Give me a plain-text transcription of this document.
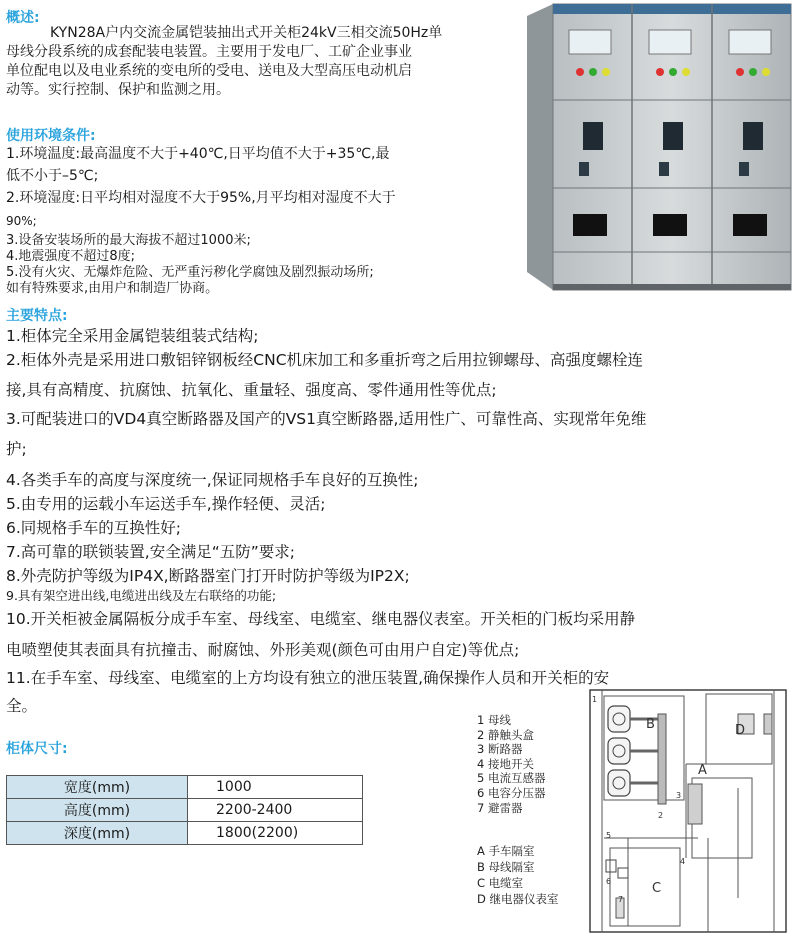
概述:
KYN28A户内交流金属铠装抽出式开关柜24kV三相交流50Hz单
母线分段系统的成套配装电装置。主要用于发电厂、工矿企业事业
单位配电以及电业系统的变电所的受电、送电及大型高压电动机启
动等。实行控制、保护和监测之用。
使用环境条件:
1.环境温度:最高温度不大于+40℃,日平均值不大于+35℃,最
低不小于–5℃;
2.环境湿度:日平均相对湿度不大于95%,月平均相对湿度不大于
90%;
3.设备安装场所的最大海拔不超过1000米;
4.地震强度不超过8度;
5.没有火灾、无爆炸危险、无严重污秽化学腐蚀及剧烈振动场所;
如有特殊要求,由用户和制造厂协商。
主要特点:
1.柜体完全采用金属铠装组装式结构;
2.柜体外壳是采用进口敷铝锌钢板经CNC机床加工和多重折弯之后用拉铆螺母、高强度螺栓连
接,具有高精度、抗腐蚀、抗氧化、重量轻、强度高、零件通用性等优点;
3.可配装进口的VD4真空断路器及国产的VS1真空断路器,适用性广、可靠性高、实现常年免维
护;
4.各类手车的高度与深度统一,保证同规格手车良好的互换性;
5.由专用的运载小车运送手车,操作轻便、灵活;
6.同规格手车的互换性好;
7.高可靠的联锁装置,安全满足“五防”要求;
8.外壳防护等级为IP4X,断路器室门打开时防护等级为IP2X;
9.具有架空进出线,电缆进出线及左右联络的功能;
10.开关柜被金属隔板分成手车室、母线室、电缆室、继电器仪表室。开关柜的门板均采用静
电喷塑使其表面具有抗撞击、耐腐蚀、外形美观(颜色可由用户自定)等优点;
11.在手车室、母线室、电缆室的上方均设有独立的泄压装置,确保操作人员和开关柜的安
全。
柜体尺寸:
宽度(mm)	1000
高度(mm)	2200-2400
深度(mm)	1800(2200)
1 母线
2 静触头盒
3 断路器
4 接地开关
5 电流互感器
6 电容分压器
7 避雷器
A 手车隔室
B 母线隔室
C 电缆室
D 继电器仪表室
B	D
A
C
1
2
3
4
5
6
7
